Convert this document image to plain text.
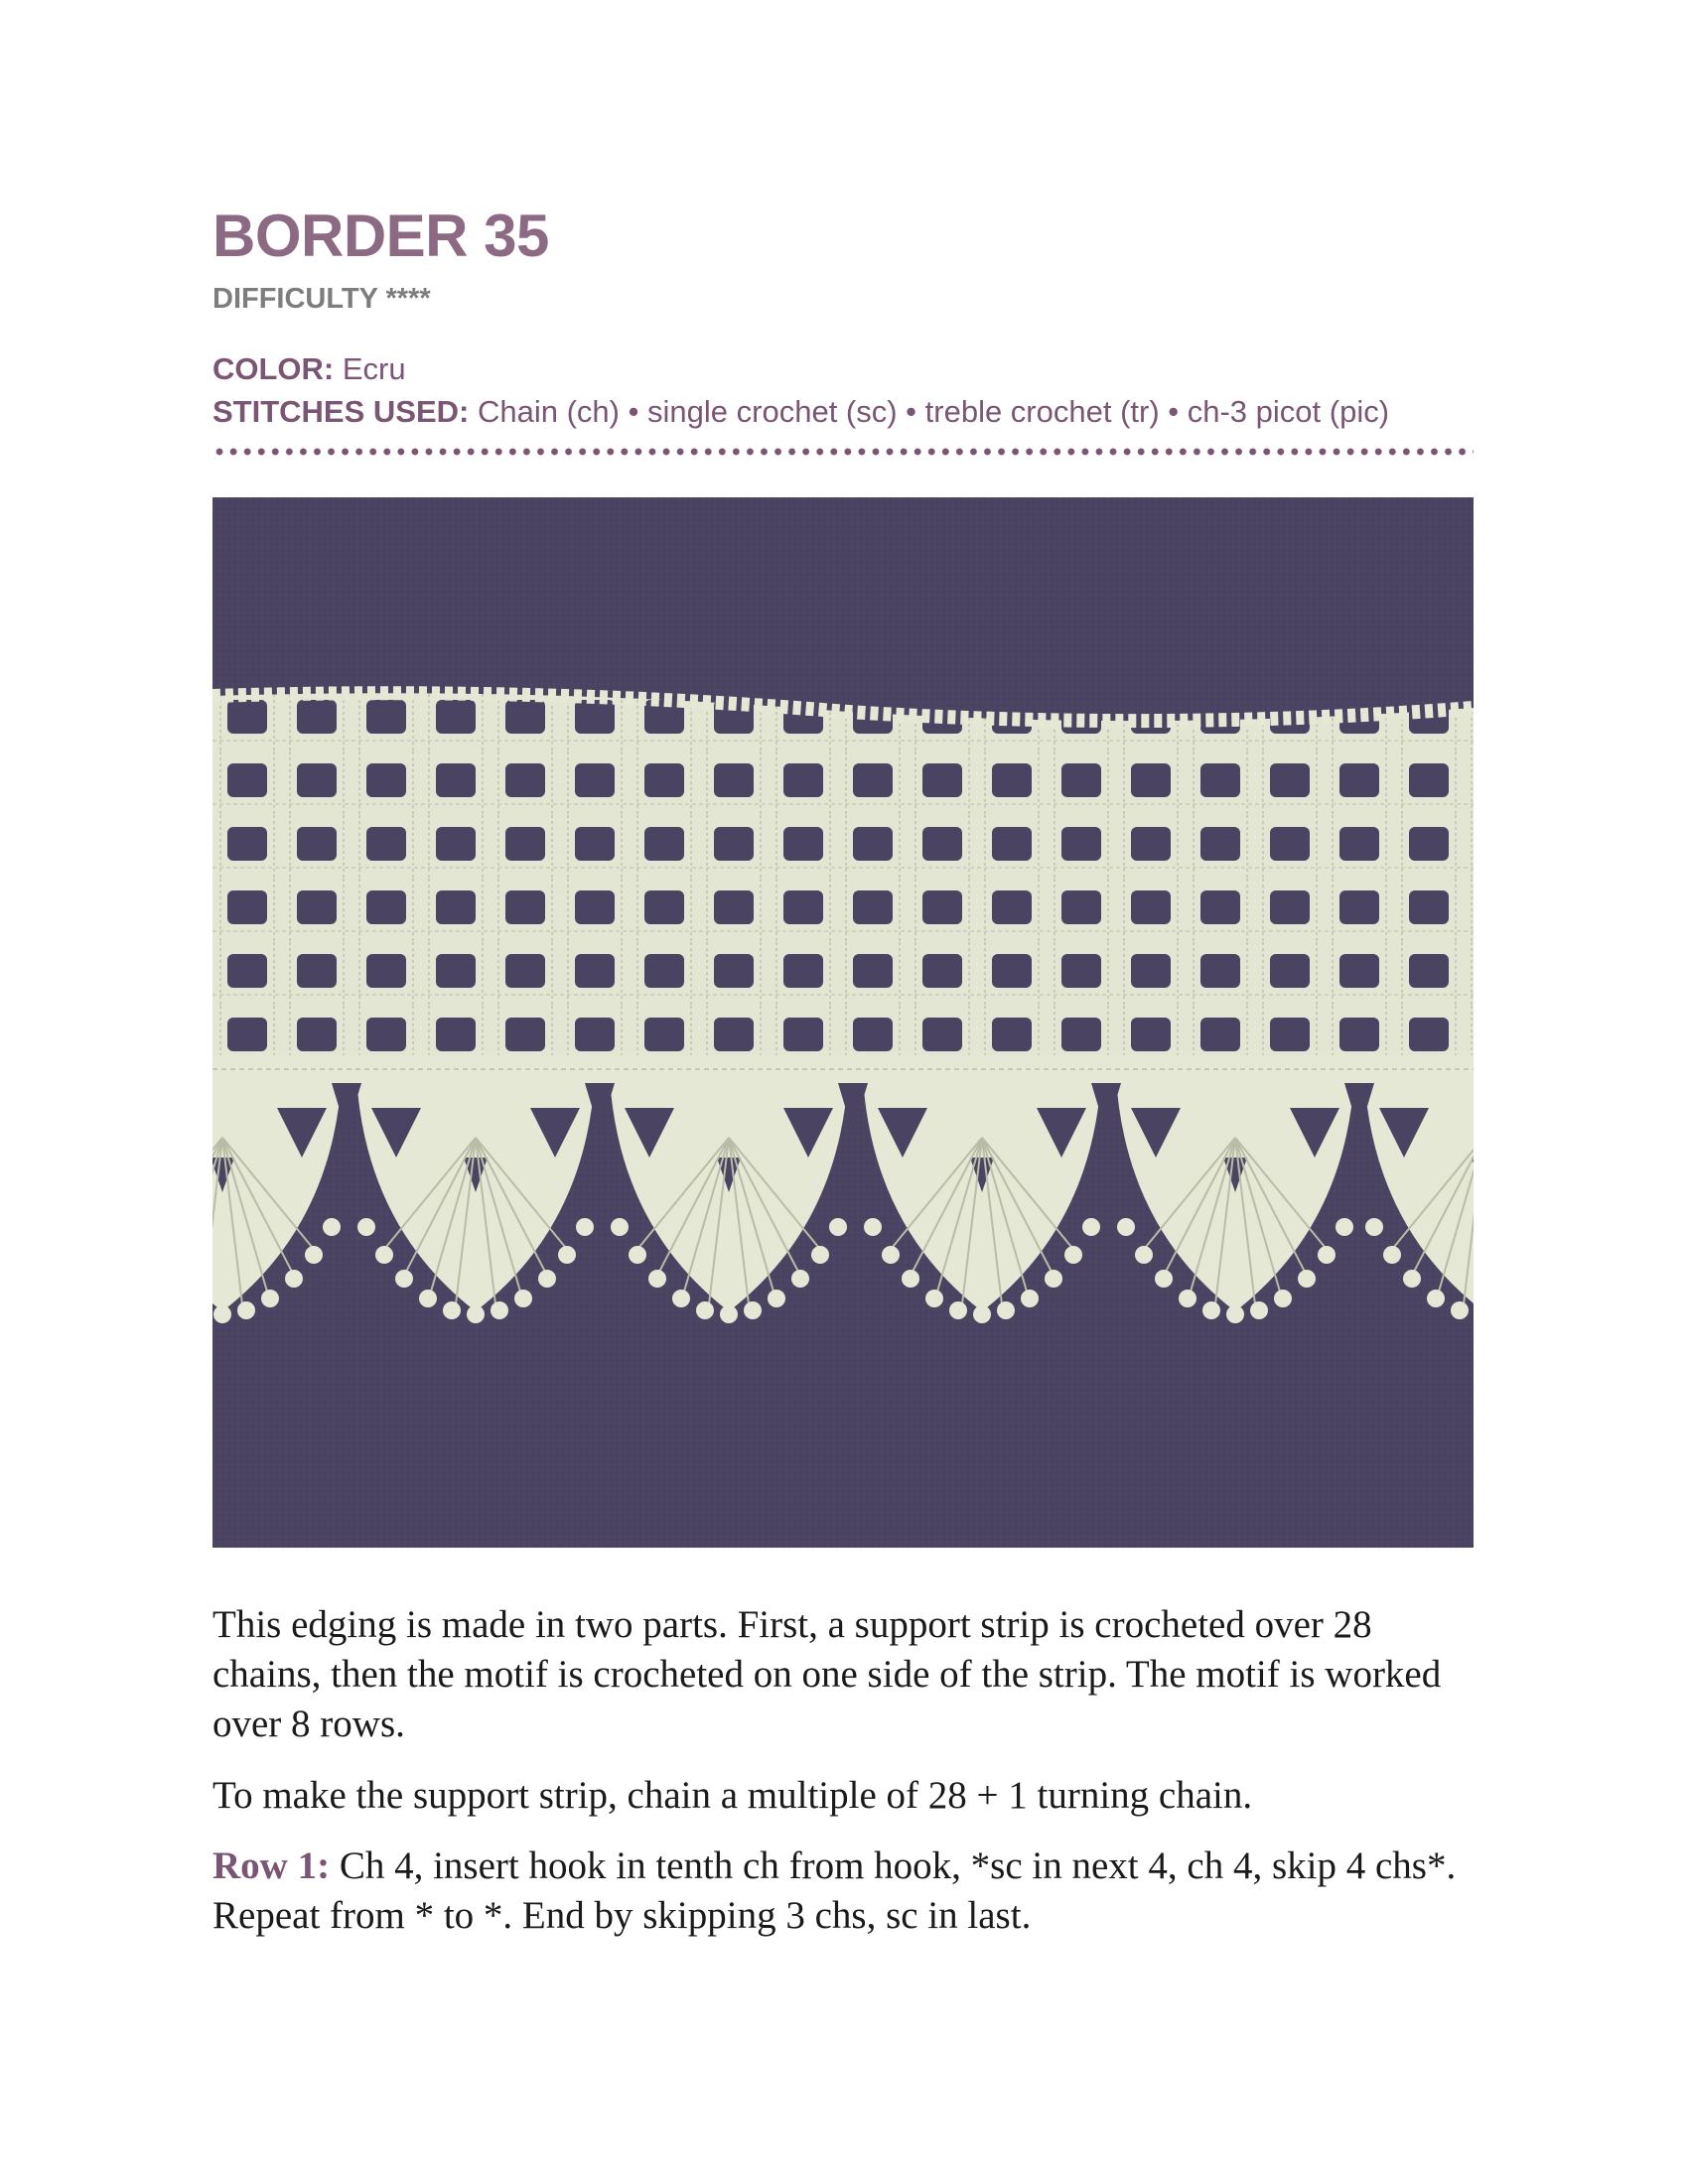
BORDER 35
DIFFICULTY ****
COLOR: Ecru
STITCHES USED: Chain (ch) • single crochet (sc) • treble crochet (tr) • ch-3 picot (pic)

This edging is made in two parts. First, a support strip is crocheted over 28 chains, then the motif is crocheted on one side of the strip. The motif is worked over 8 rows.

To make the support strip, chain a multiple of 28 + 1 turning chain.

Row 1: Ch 4, insert hook in tenth ch from hook, *sc in next 4, ch 4, skip 4 chs*. Repeat from * to *. End by skipping 3 chs, sc in last.
